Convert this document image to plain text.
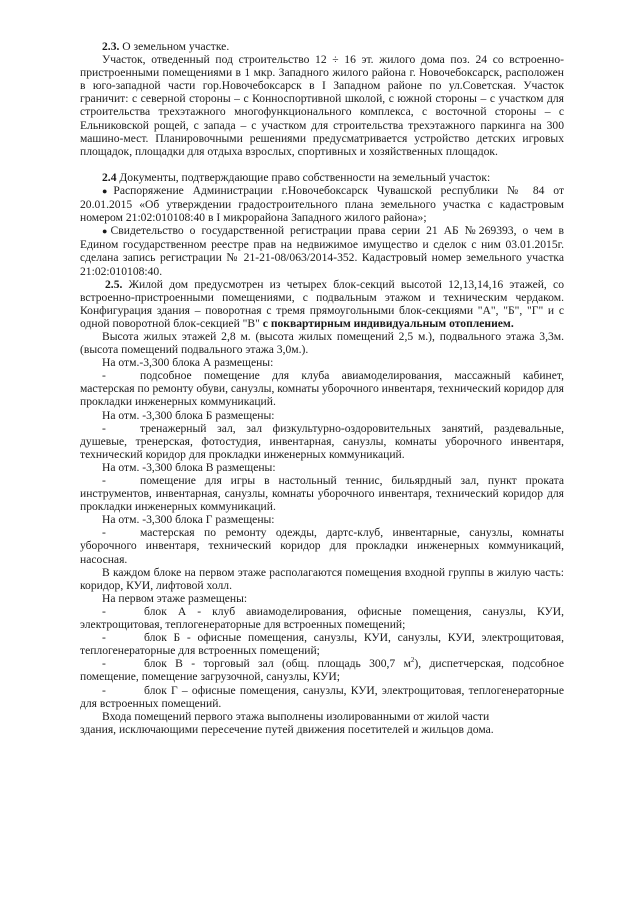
2.3. О земельном участке.

Участок, отведенный под строительство 12 ÷ 16 эт. жилого дома поз. 24 со встроенно-пристроенными помещениями в 1 мкр. Западного жилого района г. Новочебоксарск, расположен в юго-западной части гор.Новочебоксарск в I Западном районе по ул.Советская. Участок граничит: с северной стороны – с Конноспортивной школой, с южной стороны – с участком для строительства трехэтажного многофункционального комплекса, с восточной стороны – с Ельниковской рощей, с запада – с участком для строительства трехэтажного паркинга на 300 машино-мест. Планировочными решениями предусматривается устройство детских игровых площадок, площадки для отдыха взрослых, спортивных и хозяйственных площадок.

2.4 Документы, подтверждающие право собственности на земельный участок:

●Распоряжение Администрации г.Новочебоксарск Чувашской республики № 84 от 20.01.2015 «Об утверждении градостроительного плана земельного участка с кадастровым номером 21:02:010108:40 в I микрорайона Западного жилого района»;

●Свидетельство о государственной регистрации права серии 21 АБ №269393, о чем в Едином государственном реестре прав на недвижимое имущество и сделок с ним 03.01.2015г. сделана запись регистрации № 21-21-08/063/2014-352. Кадастровый номер земельного участка 21:02:010108:40.

2.5. Жилой дом предусмотрен из четырех блок-секций высотой 12,13,14,16 этажей, со встроенно-пристроенными помещениями, с подвальным этажом и техническим чердаком. Конфигурация здания – поворотная с тремя прямоугольными блок-секциями "А", "Б", "Г" и с одной поворотной блок-секцией "В" с поквартирным индивидуальным отоплением.

Высота жилых этажей 2,8 м. (высота жилых помещений 2,5 м.), подвального этажа 3,3м. (высота помещений подвального этажа 3,0м.).

На отм.-3,300 блока А размещены:

-	подсобное помещение для клуба авиамоделирования, массажный кабинет, мастерская по ремонту обуви, санузлы, комнаты уборочного инвентаря, технический коридор для прокладки инженерных коммуникаций.

На отм. -3,300 блока Б размещены:

-	тренажерный зал, зал физкультурно-оздоровительных занятий, раздевальные, душевые, тренерская, фотостудия, инвентарная, санузлы, комнаты уборочного инвентаря, технический коридор для прокладки инженерных коммуникаций.

На отм. -3,300 блока В размещены:

-	помещение для игры в настольный теннис, бильярдный зал, пункт проката инструментов, инвентарная, санузлы, комнаты уборочного инвентаря, технический коридор для прокладки инженерных коммуникаций.

На отм. -3,300 блока Г размещены:

-	мастерская по ремонту одежды, дартс-клуб, инвентарные, санузлы, комнаты уборочного инвентаря, технический коридор для прокладки инженерных коммуникаций, насосная.

В каждом блоке на первом этаже располагаются помещения входной группы в жилую часть: коридор, КУИ, лифтовой холл.

На первом этаже размещены:

-	блок А - клуб авиамоделирования, офисные помещения, санузлы, КУИ, электрощитовая, теплогенераторные для встроенных помещений;

-	блок Б - офисные помещения, санузлы, КУИ, санузлы, КУИ, электрощитовая, теплогенераторные для встроенных помещений;

-	блок В - торговый зал (общ. площадь 300,7 $м^2$), диспетчерская, подсобное помещение, помещение загрузочной, санузлы, КУИ;

-	блок Г – офисные помещения, санузлы, КУИ, электрощитовая, теплогенераторные для встроенных помещений.

Входа помещений первого этажа выполнены изолированными от жилой части

здания, исключающими пересечение путей движения посетителей и жильцов дома.
